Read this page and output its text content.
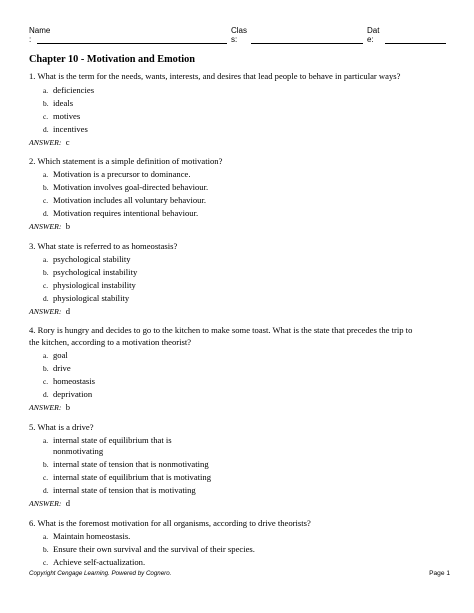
Name
:
Clas
s:
Dat
e:
Chapter 10 - Motivation and Emotion
1. What is the term for the needs, wants, interests, and desires that lead people to behave in particular ways?
a. deficiencies
b. ideals
c. motives
d. incentives
ANSWER: c
2. Which statement is a simple definition of motivation?
a. Motivation is a precursor to dominance.
b. Motivation involves goal-directed behaviour.
c. Motivation includes all voluntary behaviour.
d. Motivation requires intentional behaviour.
ANSWER: b
3. What state is referred to as homeostasis?
a. psychological stability
b. psychological instability
c. physiological instability
d. physiological stability
ANSWER: d
4. Rory is hungry and decides to go to the kitchen to make some toast. What is the state that precedes the trip to
the kitchen, according to a motivation theorist?
a. goal
b. drive
c. homeostasis
d. deprivation
ANSWER: b
5. What is a drive?
a. internal state of equilibrium that is
nonmotivating
b. internal state of tension that is nonmotivating
c. internal state of equilibrium that is motivating
d. internal state of tension that is motivating
ANSWER: d
6. What is the foremost motivation for all organisms, according to drive theorists?
a. Maintain homeostasis.
b. Ensure their own survival and the survival of their species.
c. Achieve self-actualization.
Copyright Cengage Learning. Powered by Cognero.	Page 1
